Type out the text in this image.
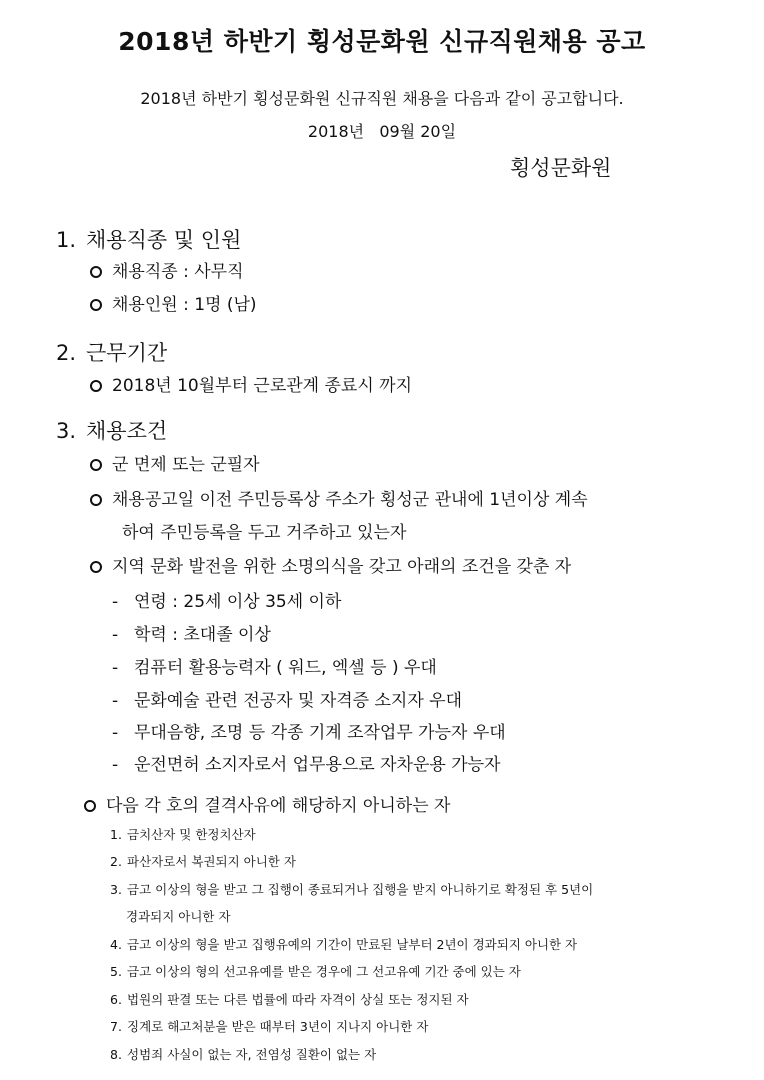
2018년 하반기 횡성문화원 신규직원채용 공고

2018년 하반기 횡성문화원 신규직원 채용을 다음과 같이 공고합니다.

2018년   09월 20일

횡성문화원

1. 채용직종 및 인원
채용직종 : 사무직
채용인원 : 1명 (남)
2. 근무기간
2018년 10월부터 근로관계 종료시 까지
3. 채용조건
군 면제 또는 군필자
채용공고일 이전 주민등록상 주소가 횡성군 관내에 1년이상 계속
하여 주민등록을 두고 거주하고 있는자
지역 문화 발전을 위한 소명의식을 갖고 아래의 조건을 갖춘 자
- 연령 : 25세 이상 35세 이하
- 학력 : 초대졸 이상
- 컴퓨터 활용능력자 ( 워드, 엑셀 등 ) 우대
- 문화예술 관련 전공자 및 자격증 소지자 우대
- 무대음향, 조명 등 각종 기계 조작업무 가능자 우대
- 운전면허 소지자로서 업무용으로 자차운용 가능자
다음 각 호의 결격사유에 해당하지 아니하는 자
1. 금치산자 및 한정치산자
2. 파산자로서 복권되지 아니한 자
3. 금고 이상의 형을 받고 그 집행이 종료되거나 집행을 받지 아니하기로 확정된 후 5년이
경과되지 아니한 자
4. 금고 이상의 형을 받고 집행유예의 기간이 만료된 날부터 2년이 경과되지 아니한 자
5. 금고 이상의 형의 선고유예를 받은 경우에 그 선고유예 기간 중에 있는 자
6. 법원의 판결 또는 다른 법률에 따라 자격이 상실 또는 정지된 자
7. 징계로 해고처분을 받은 때부터 3년이 지나지 아니한 자
8. 성범죄 사실이 없는 자, 전염성 질환이 없는 자
